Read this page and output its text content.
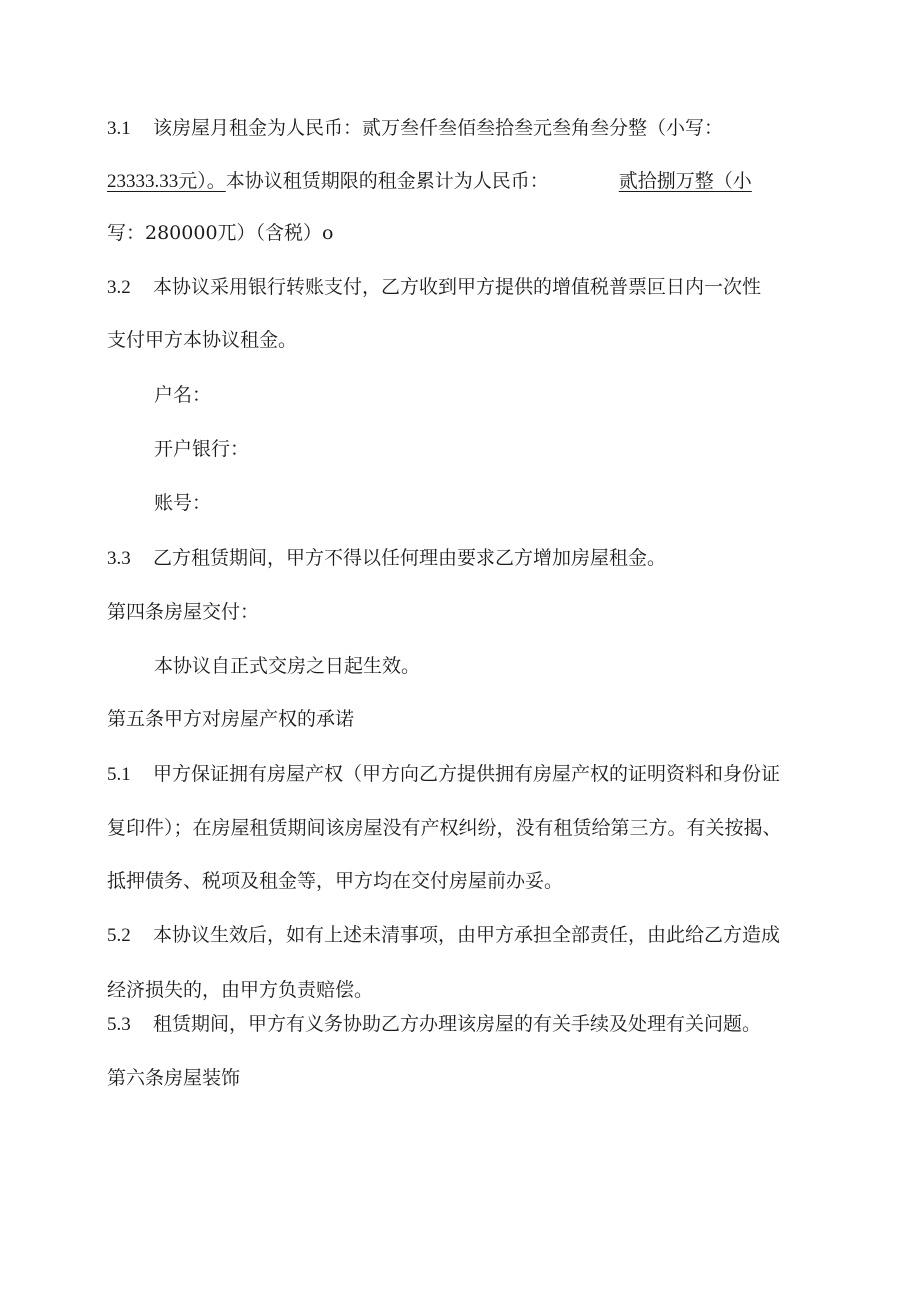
3.1 该房屋月租金为人民币：贰万叁仟叁佰叁拾叁元叁角叁分整（小写：
23333.33元）。本协议租赁期限的租金累计为人民币：	贰拾捌万整（小
写：280000兀）（含税）o
3.2 本协议采用银行转账支付，乙方收到甲方提供的增值税普票叵日内一次性
支付甲方本协议租金。
户名：
开户银行：
账号：
3.3 乙方租赁期间，甲方不得以任何理由要求乙方增加房屋租金。
第四条房屋交付：
本协议自正式交房之日起生效。
第五条甲方对房屋产权的承诺
5.1 甲方保证拥有房屋产权（甲方向乙方提供拥有房屋产权的证明资料和身份证
复印件）；在房屋租赁期间该房屋没有产权纠纷，没有租赁给第三方。有关按揭、
抵押债务、税项及租金等，甲方均在交付房屋前办妥。
5.2 本协议生效后，如有上述未清事项，由甲方承担全部责任，由此给乙方造成
经济损失的，由甲方负责赔偿。
5.3 租赁期间，甲方有义务协助乙方办理该房屋的有关手续及处理有关问题。
第六条房屋装饰
